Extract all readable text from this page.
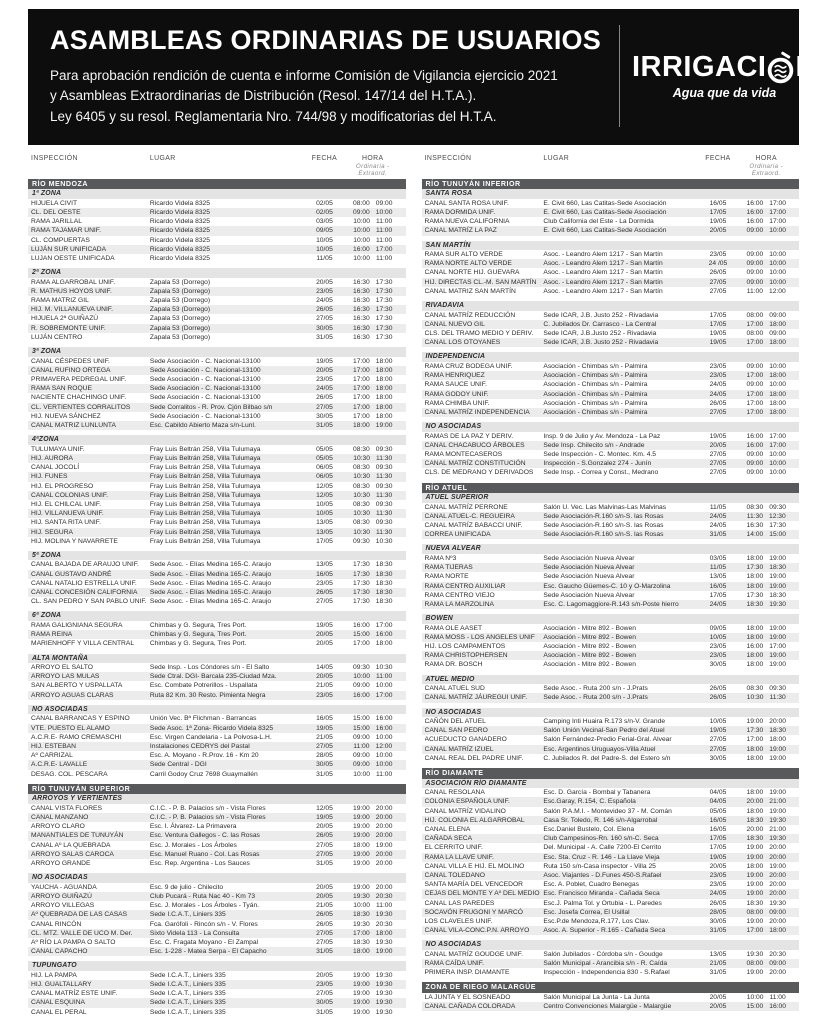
ASAMBLEAS ORDINARIAS DE USUARIOS
Para aprobación rendición de cuenta e informe Comisión de Vigilancia ejercicio 2021
y Asambleas Extraordinarias de Distribución (Resol. 147/14 del H.T.A.).
Ley 6405 y su resol. Reglamentaria Nro. 744/98 y modificatorias del H.T.A.
IRRIGACI N
Agua que da vida
INSPECCIÓN	LUGAR	FECHA	HORA
Ordinaria - Extraord.
RÍO MENDOZA
1ª ZONA
HIJUELA CIVIT	Ricardo Videla 8325	02/05	08:00 09:00
CL. DEL OESTE	Ricardo Videla 8325	02/05	09:00 10:00
RAMA JARILLAL	Ricardo Videla 8325	03/05	10:00 11:00
RAMA TAJAMAR UNIF.	Ricardo Videla 8325	09/05	10:00 11:00
CL. COMPUERTAS	Ricardo Videla 8325	10/05	10:00 11:00
LUJÁN SUR UNIFICADA	Ricardo Videla 8325	10/05	16:00 17:00
LUJAN OESTE UNIFICADA	Ricardo Videla 8325	11/05	10:00 11:00
2ª ZONA
RAMA ALGARROBAL UNIF.	Zapala 53 (Dorrego)	20/05	16:30 17:30
R. MATHUS HOYOS UNIF.	Zapala 53 (Dorrego)	23/05	16:30 17:30
RAMA MATRIZ GIL	Zapala 53 (Dorrego)	24/05	16:30 17:30
HIJ. M. VILLANUEVA UNIF.	Zapala 53 (Dorrego)	26/05	16:30 17:30
HIJUELA 2ª GUIÑAZÚ	Zapala 53 (Dorrego)	27/05	16:30 17:30
R. SOBREMONTE UNIF.	Zapala 53 (Dorrego)	30/05	16:30 17:30
LUJÁN CENTRO	Zapala 53 (Dorrego)	31/05	16:30 17:30
3ª ZONA
CANAL CÉSPEDES UNIF.	Sede Asociación - C. Nacional-13100	19/05	17:00 18:00
CANAL RUFINO ORTEGA	Sede Asociación - C. Nacional-13100	20/05	17:00 18:00
PRIMAVERA PEDREGAL UNIF.	Sede Asociación - C. Nacional-13100	23/05	17:00 18:00
RAMA SAN ROQUE	Sede Asociación - C. Nacional-13100	24/05	17:00 18:00
NACIENTE CHACHINGO UNIF.	Sede Asociación - C. Nacional-13100	26/05	17:00 18:00
CL. VERTIENTES CORRALITOS	Sede Corralitos - R. Prov. Cjón Bilbao s/n	27/05	17:00 18:00
HIJ. NUEVA SÁNCHEZ	Sede Asociación - C. Nacional-13100	30/05	17:00 18:00
CANAL MATRIZ LUNLUNTA	Esc. Cabildo Abierto Maza s/n-Lunl.	31/05	18:00 19:00
4ªZONA
TULUMAYA UNIF.	Fray Luis Beltrán 258, Villa Tulumaya	05/05	08:30 09:30
HIJ. AURORA	Fray Luis Beltrán 258, Villa Tulumaya	05/05	10:30 11:30
CANAL JOCOLÍ	Fray Luis Beltrán 258, Villa Tulumaya	06/05	08:30 09:30
HIJ. FUNES	Fray Luis Beltrán 258, Villa Tulumaya	06/05	10:30 11:30
HIJ. EL PROGRESO	Fray Luis Beltrán 258, Villa Tulumaya	12/05	08:30 09:30
CANAL COLONIAS UNIF.	Fray Luis Beltrán 258, Villa Tulumaya	12/05	10:30 11:30
HIJ. EL CHILCAL UNIF.	Fray Luis Beltrán 258, Villa Tulumaya	10/05	08:30 09:30
HIJ. VILLANUEVA UNIF.	Fray Luis Beltrán 258, Villa Tulumaya	10/05	10:30 11:30
HIJ. SANTA RITA UNIF.	Fray Luis Beltrán 258, Villa Tulumaya	13/05	08:30 09:30
HIJ. SEGURA	Fray Luis Beltrán 258, Villa Tulumaya	13/05	10:30 11:30
HIJ. MOLINA Y NAVARRETE	Fray Luis Beltrán 258, Villa Tulumaya	17/05	09:30 10:30
5ª ZONA
CANAL BAJADA DE ARAUJO UNIF.	Sede Asoc. - Elías Medina 165-C. Araujo	13/05	17:30 18:30
CANAL GUSTAVO ANDRÉ	Sede Asoc. - Elías Medina 165-C. Araujo	16/05	17:30 18:30
CANAL NATALIO ESTRELLA UNIF.	Sede Asoc. - Elías Medina 165-C. Araujo	23/05	17:30 18:30
CANAL CONCESIÓN CALIFORNIA	Sede Asoc. - Elías Medina 165-C. Araujo	26/05	17:30 18:30
CL. SAN PEDRO Y SAN PABLO UNIF. Sede Asoc. - Elías Medina 165-C. Araujo	27/05	17:30 18:30
6ª ZONA
RAMA GALIGNIANA SEGURA	Chimbas y G. Segura, Tres Port.	19/05	16:00 17:00
RAMA REINA	Chimbas y G. Segura, Tres Port.	20/05	15:00 16:00
MARIENHOFF Y VILLA CENTRAL	Chimbas y G. Segura, Tres Port.	20/05	17:00 18:00
ALTA MONTAÑA
ARROYO EL SALTO	Sede Insp. - Los Cóndores s/n - El Salto	14/05	09:30 10:30
ARROYO LAS MULAS	Sede Ctral. DGI- Barcala 235-Ciudad Mza.	20/05	10:00 11:00
SAN ALBERTO Y USPALLATA	Esc. Combate Potrerillos - Uspallata	21/05	09:00 10:00
ARROYO AGUAS CLARAS	Ruta 82 Km. 30 Resto. Pimienta Negra	23/05	16:00 17:00
NO ASOCIADAS
CANAL BARRANCAS Y ESPINO	Unión Vec. Bª Flichman - Barrancas	16/05	15:00 16:00
VTE. PUESTO EL ALAMO	Sede Asoc. 1ª Zona- Ricardo Videla 8325	19/05	15:00 16:00
A.C.R.E- RAMO CREMASCHI	Esc. Virgen Candelaria - La Polvosa-L.H.	21/05	09:00 10:00
HIJ. ESTEBAN	Instalaciones CEDRYS del Pastal	27/05	11:00 12:00
Aº CARRIZAL	Esc. A. Moyano - R.Prov. 16 - Km 20	28/05	09:00 10:00
A.C.R.E- LAVALLE	Sede Central - DGI	30/05	09:00 10:00
DESAG. COL. PESCARA	Carril Godoy Cruz 7698 Guaymallén	31/05	10:00 11:00
RÍO TUNUYÁN SUPERIOR
ARROYOS Y VERTIENTES
CANAL VISTA FLORES	C.I.C. - P. B. Palacios s/n - Vista Flores	12/05	19:00 20:00
CANAL MANZANO	C.I.C. - P. B. Palacios s/n - Vista Flores	19/05	19:00 20:00
ARROYO CLARO	Esc. I. Álvarez- La Primavera	20/05	19:00 20:00
MANANTIALES DE TUNUYÁN	Esc. Ventura Gallegos - C. las Rosas	26/05	19:00 20:00
CANAL Aº LA QUEBRADA	Esc. J. Morales - Los Árboles	27/05	18:00 19:00
ARROYO SALAS CAROCA	Esc. Manuel Ruano - Col. Las Rosas	27/05	19:00 20:00
ARROYO GRANDE	Esc. Rep. Argentina - Los Sauces	31/05	19:00 20:00
NO ASOCIADAS
YAUCHA - AGUANDA	Esc. 9 de julio - Chilecito	20/05	19:00 20:00
ARROYO GUIÑAZÚ	Club Pucará - Ruta Nac 40 - Km 73	20/05	19:30 20:30
ARROYO VILLEGAS	Esc. J. Morales - Los Árboles - Tyán.	21/05	10:00 11:00
Aº QUEBRADA DE LAS CASAS	Sede I.C.A.T., Liniers 335	26/05	18:30 19:30
CANAL RINCÓN	Fca. Garófoli - Rincón s/n - V. Flores	26/05	19:30 20:30
CL. MTZ. VALLE DE UCO M. Der.	Sixto Videla 113 - La Consulta	27/05	17:00 18:00
Aº RÍO LA PAMPA O SALTO	Esc. C. Fragata Moyano - El Zampal	27/05	18:30 19:30
CANAL CAPACHO	Esc. 1-228 - Matea Serpa - El Capacho	31/05	18:00 19:00
TUPUNGATO
HIJ. LA PAMPA	Sede I.C.A.T., Liniers 335	20/05	19:00 19:30
HIJ. GUALTALLARY	Sede I.C.A.T., Liniers 335	23/05	19:00 19:30
CANAL MATRÍZ ESTE UNIF.	Sede I.C.A.T., Liniers 335	27/05	19:00 19:30
CANAL ESQUINA	Sede I.C.A.T., Liniers 335	30/05	19:00 19:30
CANAL EL PERAL	Sede I.C.A.T., Liniers 335	31/05	19:00 19:30
INSPECCIÓN	LUGAR	FECHA	HORA
Ordinaria - Extraord.
RÍO TUNUYÁN INFERIOR
SANTA ROSA
CANAL SANTA ROSA UNIF.	E. Civit 660, Las Catitas-Sede Asociación	16/05	16:00 17:00
RAMA DORMIDA UNIF.	E. Civit 660, Las Catitas-Sede Asociación	17/05	16:00 17:00
RAMA NUEVA CALIFORNIA	Club California del Este - La Dormida	19/05	16:00 17:00
CANAL MATRÍZ LA PAZ	E. Civit 660, Las Catitas-Sede Asociación	20/05	09:00 10:00
SAN MARTÍN
RAMA SUR ALTO VERDE	Asoc. - Leandro Alem 1217 - San Martín	23/05	09:00 10:00
RAMA NORTE ALTO VERDE	Asoc. - Leandro Alem 1217 - San Martín	24 /05	09:00 10:00
CANAL NORTE HIJ. GUEVARA	Asoc. - Leandro Alem 1217 - San Martín	26/05	09:00 10:00
HIJ. DIRECTAS CL.-M. SAN MARTÍN	Asoc. - Leandro Alem 1217 - San Martín	27/05	09:00 10:00
CANAL MATRIZ SAN MARTÍN	Asoc. - Leandro Alem 1217 - San Martín	27/05	11:00 12:00
RIVADAVIA
CANAL MATRÍZ REDUCCIÓN	Sede ICAR, J.B. Justo 252 - Rivadavia	17/05	08:00 09:00
CANAL NUEVO GIL	C. Jubilados Dr. Carrasco - La Central	17/05	17:00 18:00
CLS. DEL TRAMO MEDIO Y DERIV.	Sede ICAR, J.B.Justo 252 - Rivadavia	19/05	08:00 09:00
CANAL LOS OTOYANES	Sede ICAR, J.B. Justo 252 - Rivadavia	19/05	17:00 18:00
INDEPENDENCIA
RAMA CRUZ BODEGA UNIF.	Asociación - Chimbas s/n - Palmira	23/05	09:00 10:00
RAMA HENRIQUEZ	Asociación - Chimbas s/n - Palmira	23/05	17:00 18:00
RAMA SAUCE UNIF.	Asociación - Chimbas s/n - Palmira	24/05	09:00 10:00
RAMA GODOY UNIF.	Asociación - Chimbas s/n - Palmira	24/05	17:00 18:00
RAMA CHIMBA UNIF.	Asociación - Chimbas s/n - Palmira	26/05	17:00 18:00
CANAL MATRÍZ INDEPENDENCIA	Asociación - Chimbas s/n - Palmira	27/05	17:00 18:00
NO ASOCIADAS
RAMAS DE LA PAZ Y DERIV.	Insp. 9 de Julio y Av. Mendoza - La Paz	19/05	16:00 17:00
CANAL CHACABUCO ÁRBOLES	Sede Insp. Chilecito s/n - Andrade	20/05	16:00 17:00
RAMA MONTECASEROS	Sede Inspección - C. Montec. Km. 4.5	27/05	09:00 10:00
CANAL MATRÍZ CONSTITUCIÓN	Inspección - S.Gonzalez 274 - Junín	27/05	09:00 10:00
CLS. DE MEDRANO Y DERIVADOS	Sede Insp. - Correa y Const., Medrano	27/05	09:00 10:00
RÍO ATUEL
ATUEL SUPERIOR
CANAL MATRÍZ PERRONE	Salón U. Vec. Las Malvinas-Las Malvinas	11/05	08:30 09:30
CANAL ATUEL-C. REGUEIRA	Sede Asociación-R.160 s/n-S. las Rosas	24/05	11:30 12:30
CANAL MATRÍZ BABACCI UNIF.	Sede Asociación-R.160 s/n-S. las Rosas	24/05	16:30 17:30
CORREA UNIFICADA	Sede Asociación-R.160 s/n-S. las Rosas	31/05	14:00 15:00
NUEVA ALVEAR
RAMA Nº3	Sede Asociación Nueva Alvear	03/05	18:00 19:00
RAMA TIJERAS	Sede Asociación Nueva Alvear	11/05	17:30 18:30
RAMA NORTE	Sede Asociación Nueva Alvear	13/05	18:00 19:00
RAMA CENTRO AUXILIAR	Esc. Gaucho Güemes-C. 10 y O-Marzolina	16/05	18:00 19:00
RAMA CENTRO VIEJO	Sede Asociación Nueva Alvear	17/05	17:30 18:30
RAMA LA MARZOLINA	Esc. C. Lagomaggiore-R.143 s/n-Poste hierro	24/05	18:30 19:30
BOWEN
RAMA OLE AASET	Asociación - Mitre 892 - Bowen	09/05	18:00 19:00
RAMA MOSS - LOS ANGELES UNIF	Asociación - Mitre 892 - Bowen	10/05	18:00 19:00
HIJ. LOS CAMPAMENTOS	Asociación - Mitre 892 - Bowen	23/05	16:00 17:00
RAMA CHRISTOPHERSEN	Asociación - Mitre 892 - Bowen	23/05	18:00 19:00
RAMA DR. BOSCH	Asociación - Mitre 892 - Bowen	30/05	18:00 19:00
ATUEL MEDIO
CANAL ATUEL SUD	Sede Asoc. - Ruta 200 s/n - J.Prats	26/05	08:30 09:30
CANAL MATRÍZ JÁUREGUI UNIF.	Sede Asoc. - Ruta 200 s/n - J.Prats	26/05	10:30 11:30
NO ASOCIADAS
CAÑÓN DEL ATUEL	Camping Inti Huaira R.173 s/n-V. Grande	10/05	19:00 20:00
CANAL SAN PEDRO	Salón Unión Vecinal-San Pedro del Atuel	19/05	17:30 18:30
ACUEDUCTO GANADERO	Salón Fernández-Predio Ferial-Gral. Alvear	27/05	17:00 18:00
CANAL MATRÍZ IZUEL	Esc. Argentinos Uruguayos-Villa Atuel	27/05	18:00 19:00
CANAL REAL DEL PADRE UNIF.	C. Jubilados R. del Padre-S. del Estero s/n	30/05	18:00 19:00
RÍO DIAMANTE
ASOCIACIÓN RÍO DIAMANTE
CANAL RESOLANA	Esc. D. García - Bombal y Tabanera	04/05	18:00 19:00
COLONIA ESPAÑOLA UNIF.	Esc.Garay, R.154, C. Española	04/05	20:00 21:00
CANAL MATRÍZ VIDALINO	Salón P.A.M.I. - Montevideo 37 - M. Comán	05/05	18:00 19:00
HIJ. COLONIA EL ALGARROBAL	Casa Sr. Toledo, R. 146 s/n-Algarrobal	16/05	18:30 19:30
CANAL ELENA	Esc.Daniel Bustelo, Col. Elena	16/05	20:00 21:00
CAÑADA SECA	Club Campesinos-Rn. 160 s/n-C. Seca	17/05	18:30 19:30
EL CERRITO UNIF.	Del. Municipal - A. Calle 7200-El Cerrito	17/05	19:00 20:00
RAMA LA LLAVE UNIF.	Esc. Sta. Cruz - R. 146 - La Llave Vieja	19/05	19:00 20:00
CANAL VILLA E HIJ. EL MOLINO	Ruta 150 s/n-Casa inspector - Villa 25	20/05	18:00 19:00
CANAL TOLEDANO	Asoc. Viajantes - D.Funes 450-S.Rafael	23/05	19:00 20:00
SANTA MARÍA DEL VENCEDOR	Esc. A. Poblet, Cuadro Benegas	23/05	19:00 20:00
CEJAS DEL MONTE Y Aº DEL MEDIO Esc. Francisco Miranda - Cañada Seca	24/05	19:00 20:00
CANAL LAS PAREDES	Esc.J. Palma Tol. y Ortubia - L. Paredes	26/05	18:30 19:30
SOCAVÓN FRUGONI Y MARCÓ	Esc. Josefa Correa, El Usillal	28/05	08:00 09:00
LOS CLAVELES UNIF.	Esc.P.de Mendoza,R.177, Los Clav.	30/05	19:00 20:00
CANAL VILA-CONC.P.N. ARROYO	Asoc. A. Superior - R.165 - Cañada Seca	31/05	17:00 18:00
NO ASOCIADAS
CANAL MATRÍZ GOUDGE UNIF.	Salón Jubilados - Córdoba s/n - Goudge	13/05	19:30 20:30
RAMA CAÍDA UNIF.	Salón Municipal - Arancibia s/n - R. Caída	21/05	08:00 09:00
PRIMERA INSP. DIAMANTE	Inspección - Independencia 830 - S.Rafael	31/05	19:00 20:00
ZONA DE RIEGO MALARGÜE
LA JUNTA Y EL SOSNEADO	Salón Municipal La Junta - La Junta	20/05	10:00 11:00
CANAL CAÑADA COLORADA	Centro Convenciones Malargüe - Malargüe	20/05	15:00 16:00
